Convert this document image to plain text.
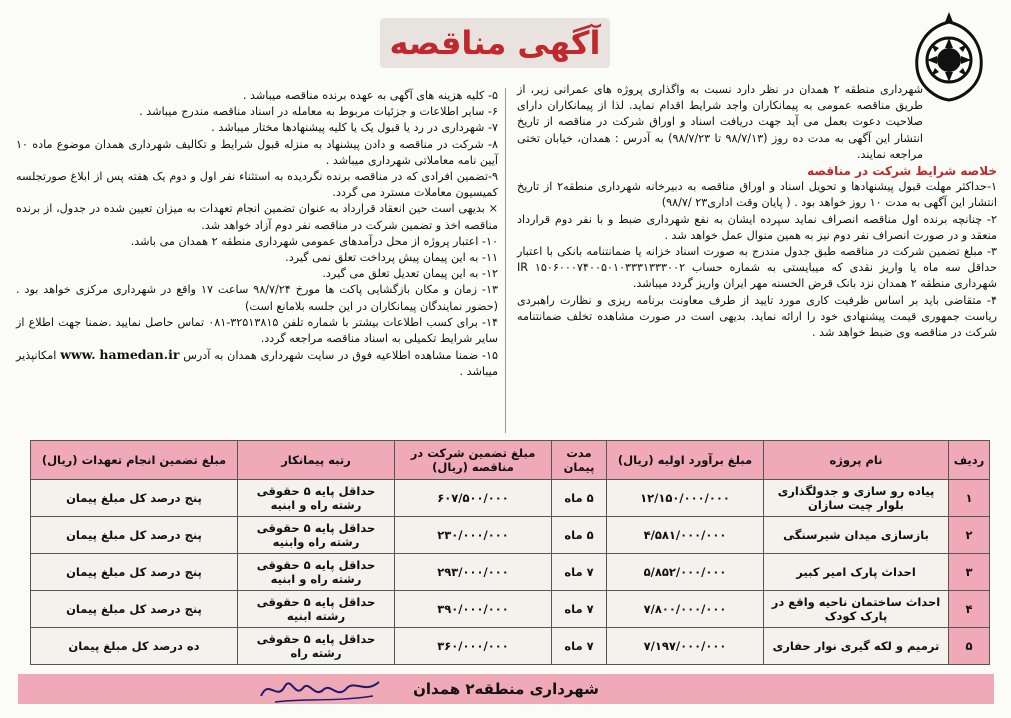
آگهی مناقصه

شهرداری منطقه ۲ همدان در نظر دارد نسبت به واگذاری پروژه های عمرانی زیر، از طریق مناقصه عمومی به پیمانکاران واجد شرایط اقدام نماید. لذا از پیمانکاران دارای صلاحیت دعوت بعمل می آید جهت دریافت اسناد و اوراق شرکت در مناقصه از تاریخ انتشار این آگهی به مدت ده روز (۹۸/۷/۱۳ تا ۹۸/۷/۲۳) به آدرس : همدان، خیابان تختی مراجعه نمایند.

خلاصه شرایط شرکت در مناقصه

۱-حداکثر مهلت قبول پیشنهادها و تحویل اسناد و اوراق مناقصه به دبیرخانه شهرداری منطقه۲ از تاریخ انتشار این آگهی به مدت ۱۰ روز خواهد بود . ( پایان وقت اداری۲۳ /۹۸/۷)

۲- چنانچه برنده اول مناقصه انصراف نماید سپرده ایشان به نفع شهرداری ضبط و با نفر دوم قرارداد منعقد و در صورت انصراف نفر دوم نیز به همین منوال عمل خواهد شد .

۳- مبلغ تضمین شرکت در مناقصه طبق جدول مندرج به صورت اسناد خزانه یا ضمانتنامه بانکی با اعتبار حداقل سه ماه یا واریز نقدی که میبایستی به شماره حساب IR ۱۵۰۶۰۰۰۷۴۰۰۵۰۱۰۳۳۳۱۳۳۳۰۰۲ شهرداری منطقه ۲ همدان نزد بانک قرض الحسنه مهر ایران واریز گردد میباشد.

۴- متقاضی باید بر اساس ظرفیت کاری مورد تایید از طرف معاونت برنامه ریزی و نظارت راهبردی ریاست جمهوری قیمت پیشنهادی خود را ارائه نماید. بدیهی است در صورت مشاهده تخلف ضمانتنامه شرکت در مناقصه وی ضبط خواهد شد .

۵- کلیه هزینه های آگهی به عهده برنده مناقصه میباشد .

۶- سایر اطلاعات و جزئیات مربوط به معامله در اسناد مناقصه مندرج میباشد .

۷- شهرداری در رد یا قبول یک یا کلیه پیشنهادها مختار میباشد .

۸- شرکت در مناقصه و دادن پیشنهاد به منزله قبول شرایط و تکالیف شهرداری همدان موضوع ماده ۱۰ آیین نامه معاملاتی شهرداری میباشد .

۹-تضمین افرادی که در مناقصه برنده نگردیده به استثناء نفر اول و دوم یک هفته پس از ابلاغ صورتجلسه کمیسیون معاملات مسترد می گردد.

× بدیهی است حین انعقاد قرارداد به عنوان تضمین انجام تعهدات به میزان تعیین شده در جدول، از برنده مناقصه اخذ و تضمین شرکت در مناقصه نفر دوم آزاد خواهد شد.

۱۰- اعتبار پروژه از محل درآمدهای عمومی شهرداری منطقه ۲ همدان می باشد.

۱۱- به این پیمان پیش پرداخت تعلق نمی گیرد.

۱۲- به این پیمان تعدیل تعلق می گیرد.

۱۳- زمان و مکان بازگشایی پاکت ها مورخ ۹۸/۷/۲۴ ساعت ۱۷ واقع در شهرداری مرکزی خواهد بود .(حضور نمایندگان پیمانکاران در این جلسه بلامانع است)

۱۴- برای کسب اطلاعات بیشتر با شماره تلفن ۳۲۵۱۳۸۱۵-۰۸۱ تماس حاصل نمایید .ضمنا جهت اطلاع از سایر شرایط تکمیلی به اسناد مناقصه مراجعه گردد.

۱۵- ضمنا مشاهده اطلاعیه فوق در سایت شهرداری همدان به آدرس www. hamedan.ir امکانپذیر میباشد .

ردیف	نام پروژه	مبلغ برآورد اولیه (ریال)	مدت پیمان	مبلغ تضمین شرکت در مناقصه (ریال)	رتبه پیمانکار	مبلغ تضمین انجام تعهدات (ریال)
۱	پیاده رو سازی و جدولگذاری بلوار چیت سازان	۱۲/۱۵۰/۰۰۰/۰۰۰	۵ ماه	۶۰۷/۵۰۰/۰۰۰	حداقل پایه ۵ حقوقی رشته راه و ابنیه	پنج درصد کل مبلغ پیمان
۲	بازسازی میدان شیرسنگی	۴/۵۸۱/۰۰۰/۰۰۰	۵ ماه	۲۳۰/۰۰۰/۰۰۰	حداقل پایه ۵ حقوقی رشته راه وابنیه	پنج درصد کل مبلغ پیمان
۳	احداث پارک امیر کبیر	۵/۸۵۲/۰۰۰/۰۰۰	۷ ماه	۲۹۳/۰۰۰/۰۰۰	حداقل پایه ۵ حقوقی رشته راه و ابنیه	پنج درصد کل مبلغ پیمان
۴	احداث ساختمان ناحیه واقع در پارک کودک	۷/۸۰۰/۰۰۰/۰۰۰	۷ ماه	۳۹۰/۰۰۰/۰۰۰	حداقل پایه ۵ حقوقی رشته ابنیه	پنج درصد کل مبلغ پیمان
۵	ترمیم و لکه گیری نوار حفاری	۷/۱۹۷/۰۰۰/۰۰۰	۷ ماه	۳۶۰/۰۰۰/۰۰۰	حداقل پایه ۵ حقوقی رشته راه	ده درصد کل مبلغ پیمان
شهرداری منطقه۲ همدان
